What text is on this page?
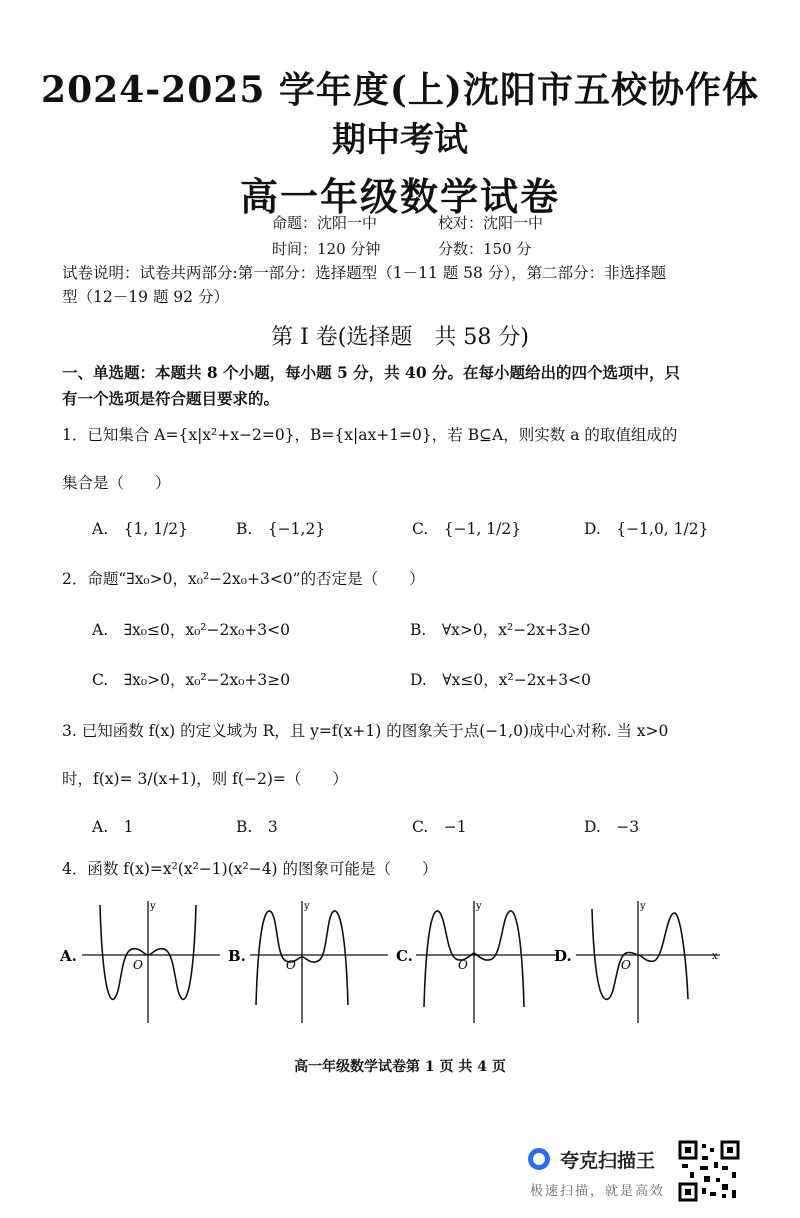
2024-2025 学年度(上)沈阳市五校协作体
期中考试
高一年级数学试卷
命题：沈阳一中	校对：沈阳一中
时间：120 分钟	分数：150 分
试卷说明：试卷共两部分:第一部分：选择题型（1－11 题 58 分），第二部分：非选择题
型（12－19 题 92 分）
第 I 卷(选择题　共 58 分)
一、单选题：本题共 8 个小题，每小题 5 分，共 40 分。在每小题给出的四个选项中，只
有一个选项是符合题目要求的。
1．已知集合 A={x|x²+x−2=0}，B={x|ax+1=0}，若 B⊆A，则实数 a 的取值组成的
集合是（　　）
A.　{1, 1/2}	B.　{−1,2}	C.　{−1, 1/2}	D.　{−1,0, 1/2}
2．命题“∃x₀>0，x₀²−2x₀+3<0”的否定是（　　）
A.　∃x₀≤0，x₀²−2x₀+3<0	B.　∀x>0，x²−2x+3≥0
C.　∃x₀>0，x₀²−2x₀+3≥0	D.　∀x≤0，x²−2x+3<0
3. 已知函数 f(x) 的定义域为 R，且 y=f(x+1) 的图象关于点(−1,0)成中心对称. 当 x>0
时，f(x)= 3/(x+1)，则 f(−2)=（　　）
A.　1	B.　3	C.　−1	D.　−3
4．函数 f(x)=x²(x²−1)(x²−4) 的图象可能是（　　）
A.
y
O	B.
y
O	C.
y
O	D.
y
O
x
高一年级数学试卷第 1 页 共 4 页
夸克扫描王
极速扫描，就是高效
